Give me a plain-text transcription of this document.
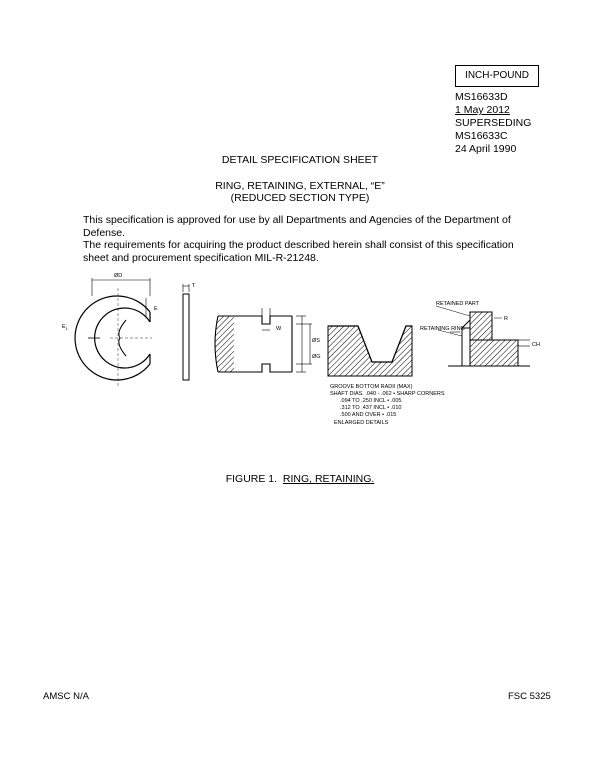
INCH-POUND
MS16633D
1 May 2012
SUPERSEDING
MS16633C
24 April 1990
DETAIL SPECIFICATION SHEET
RING, RETAINING, EXTERNAL, “E”
(REDUCED SECTION TYPE)
This specification is approved for use by all Departments and Agencies of the Department of Defense.
The requirements for acquiring the product described herein shall consist of this specification sheet and procurement specification MIL-R-21248.
ØD
E
$E_1$
T
W
ØS
ØG
GROOVE BOTTOM RADII (MAX)
SHAFT DIAS. .040 - .062 • SHARP CORNERS
.094 TO .250 INCL • .005
.312 TO .437 INCL • .010
.500 AND OVER • .015
ENLARGED DETAILS
RETAINED PART
RETAINING RING
R
CH
FIGURE 1. RING, RETAINING.
AMSC N/A	FSC 5325
